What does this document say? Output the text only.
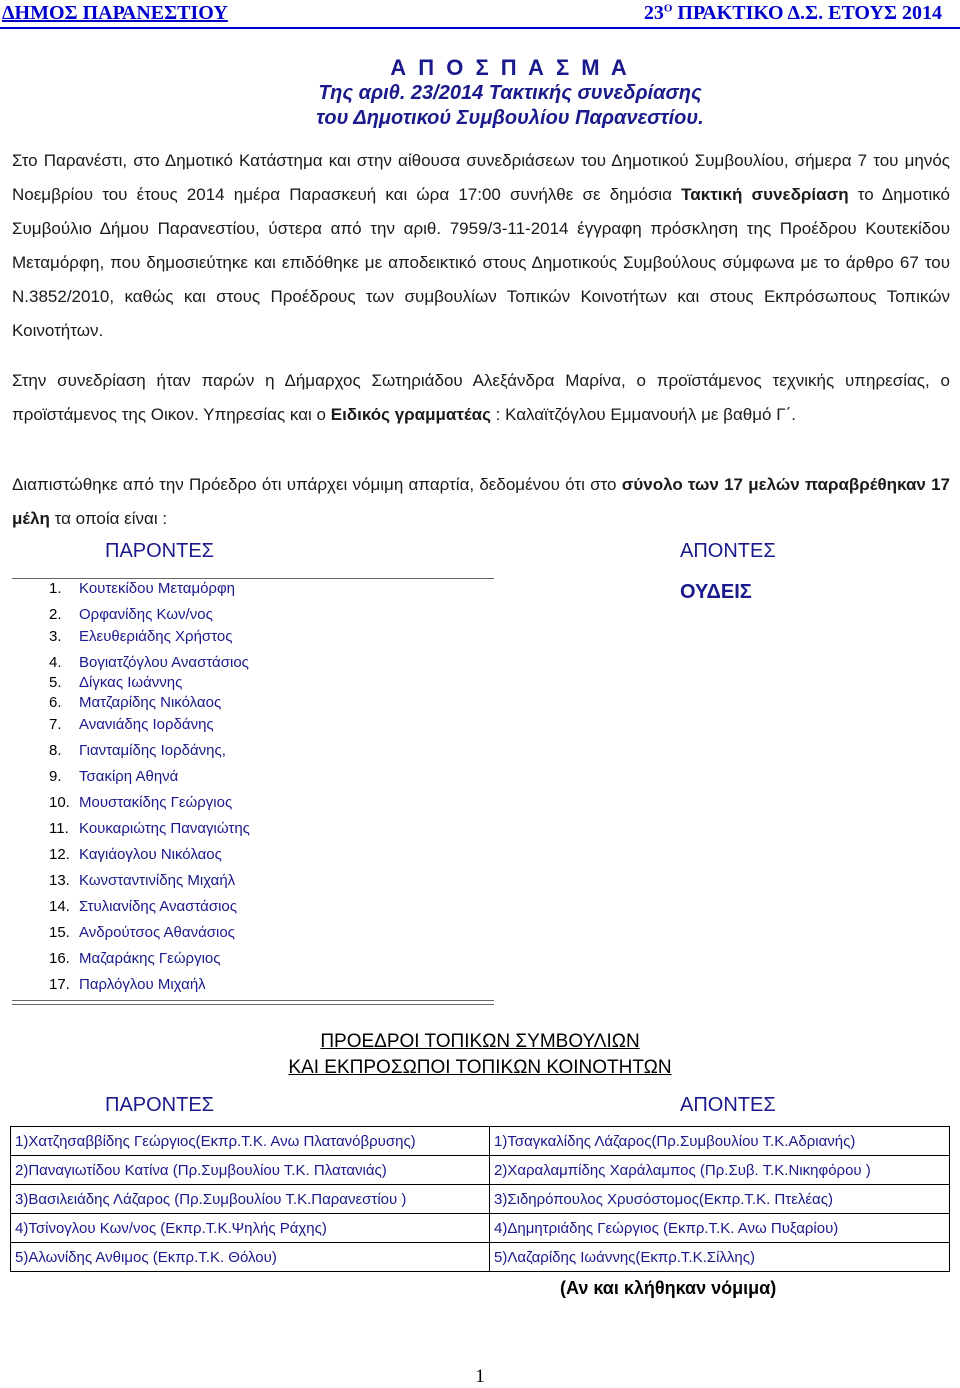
ΔΗΜΟΣ ΠΑΡΑΝΕΣΤΙΟΥ	$23^O$ ΠΡΑΚΤΙΚΟ Δ.Σ. ΕΤΟΥΣ 2014
Α Π Ο Σ Π Α Σ Μ Α
Της αριθ. 23/2014 Τακτικής συνεδρίασης
του Δημοτικού Συμβουλίου Παρανεστίου.
Στο Παρανέστι, στο Δημοτικό Κατάστημα και στην αίθουσα συνεδριάσεων του Δημοτικού Συμβουλίου, σήμερα 7 του μηνός Νοεμβρίου του έτους 2014 ημέρα Παρασκευή και ώρα 17:00 συνήλθε σε δημόσια Τακτική συνεδρίαση το Δημοτικό Συμβούλιο Δήμου Παρανεστίου, ύστερα από την αριθ. 7959/3-11-2014 έγγραφη πρόσκληση της Προέδρου Κουτεκίδου Μεταμόρφη, που δημοσιεύτηκε και επιδόθηκε με αποδεικτικό στους Δημοτικούς Συμβούλους σύμφωνα με το άρθρο 67 του Ν.3852/2010, καθώς και στους Προέδρους των συμβουλίων Τοπικών Κοινοτήτων και στους Εκπρόσωπους Τοπικών Κοινοτήτων.
Στην συνεδρίαση ήταν παρών η Δήμαρχος Σωτηριάδου Αλεξάνδρα Μαρίνα, ο προϊστάμενος τεχνικής υπηρεσίας, ο προϊστάμενος της Οικον. Υπηρεσίας και ο Ειδικός γραμματέας : Καλαϊτζόγλου Εμμανουήλ με βαθμό Γ΄.
Διαπιστώθηκε από την Πρόεδρο ότι υπάρχει νόμιμη απαρτία, δεδομένου ότι στο σύνολο των 17 μελών παραβρέθηκαν 17 μέλη τα οποία είναι :
ΠΑΡΟΝΤΕΣ	ΑΠΟΝΤΕΣ
ΟΥΔΕΙΣ
1. Κουτεκίδου Μεταμόρφη
2. Ορφανίδης Κων/νος
3. Ελευθεριάδης Χρήστος
4. Βογιατζόγλου Αναστάσιος
5. Δίγκας Ιωάννης
6. Ματζαρίδης Νικόλαος
7. Ανανιάδης Ιορδάνης
8. Γιανταμίδης Ιορδάνης,
9. Τσακίρη Αθηνά
10. Μουστακίδης Γεώργιος
11. Κουκαριώτης Παναγιώτης
12. Καγιάογλου Νικόλαος
13. Κωνσταντινίδης Μιχαήλ
14. Στυλιανίδης Αναστάσιος
15. Ανδρούτσος Αθανάσιος
16. Μαζαράκης Γεώργιος
17. Παρλόγλου Μιχαήλ
ΠΡΟΕΔΡΟΙ ΤΟΠΙΚΩΝ ΣΥΜΒΟΥΛΙΩΝ
ΚΑΙ ΕΚΠΡΟΣΩΠΟΙ ΤΟΠΙΚΩΝ ΚΟΙΝΟΤΗΤΩΝ
ΠΑΡΟΝΤΕΣ	ΑΠΟΝΤΕΣ
1)Χατζησαββίδης Γεώργιος(Εκπρ.Τ.Κ. Ανω Πλατανόβρυσης)	1)Τσαγκαλίδης Λάζαρος(Πρ.Συμβουλίου Τ.Κ.Αδριανής)
2)Παναγιωτίδου Κατίνα (Πρ.Συμβουλίου Τ.Κ. Πλατανιάς)	2)Χαραλαμπίδης Χαράλαμπος (Πρ.Συβ. Τ.Κ.Νικηφόρου )
3)Βασιλειάδης Λάζαρος (Πρ.Συμβουλίου Τ.Κ.Παρανεστίου )	3)Σιδηρόπουλος Χρυσόστομος(Εκπρ.Τ.Κ. Πτελέας)
4)Τσίνογλου Κων/νος (Εκπρ.Τ.Κ.Ψηλής Ράχης)	4)Δημητριάδης Γεώργιος (Εκπρ.Τ.Κ. Ανω Πυξαρίου)
5)Αλωνίδης Ανθιμος (Εκπρ.Τ.Κ. Θόλου)	5)Λαζαρίδης Ιωάννης(Εκπρ.Τ.Κ.Σίλλης)
(Αν και κλήθηκαν νόμιμα)
1
